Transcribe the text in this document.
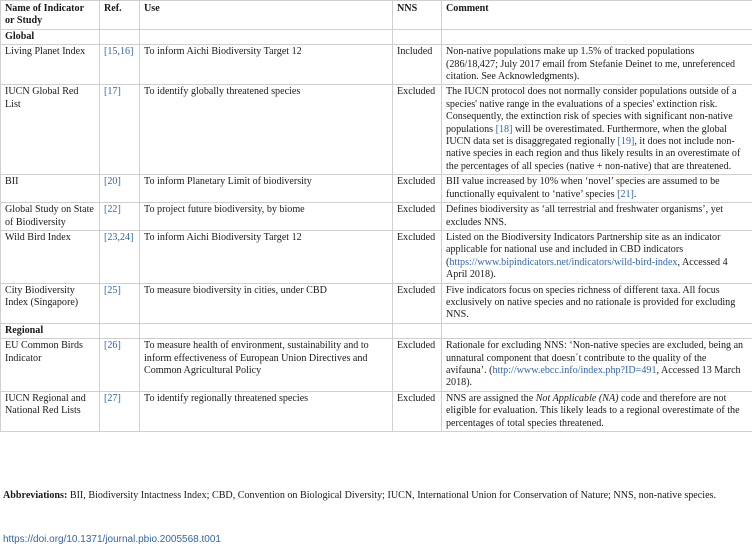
Name of Indicator or Study	Ref.	Use	NNS	Comment
Global				
Living Planet Index	[15,16]	To inform Aichi Biodiversity Target 12	Included	Non-native populations make up 1.5% of tracked populations (286/18,427; July 2017 email from Stefanie Deinet to me, unreferenced citation. See Acknowledgments).
IUCN Global Red List	[17]	To identify globally threatened species	Excluded	The IUCN protocol does not normally consider populations outside of a species' native range in the evaluations of a species' extinction risk. Consequently, the extinction risk of species with significant non-native populations [18] will be overestimated. Furthermore, when the global IUCN data set is disaggregated regionally [19], it does not include non-native species in each region and thus likely results in an overestimate of the percentages of all species (native + non-native) that are threatened.
BII	[20]	To inform Planetary Limit of biodiversity	Excluded	BII value increased by 10% when ‘novel’ species are assumed to be functionally equivalent to ‘native’ species [21].
Global Study on State of Biodiversity	[22]	To project future biodiversity, by biome	Excluded	Defines biodiversity as ‘all terrestrial and freshwater organisms’, yet excludes NNS.
Wild Bird Index	[23,24]	To inform Aichi Biodiversity Target 12	Excluded	Listed on the Biodiversity Indicators Partnership site as an indicator applicable for national use and included in CBD indicators (https://www.bipindicators.net/indicators/wild-bird-index, Accessed 4 April 2018).
City Biodiversity Index (Singapore)	[25]	To measure biodiversity in cities, under CBD	Excluded	Five indicators focus on species richness of different taxa. All focus exclusively on native species and no rationale is provided for excluding NNS.
Regional				
EU Common Birds Indicator	[26]	To measure health of environment, sustainability and to inform effectiveness of European Union Directives and Common Agricultural Policy	Excluded	Rationale for excluding NNS: ‘Non-native species are excluded, being an unnatural component that doesn´t contribute to the quality of the avifauna’. (http://www.ebcc.info/index.php?ID=491, Accessed 13 March 2018).
IUCN Regional and National Red Lists	[27]	To identify regionally threatened species	Excluded	NNS are assigned the Not Applicable (NA) code and therefore are not eligible for evaluation. This likely leads to a regional overestimate of the percentages of total species threatened.
Abbreviations: BII, Biodiversity Intactness Index; CBD, Convention on Biological Diversity; IUCN, International Union for Conservation of Nature; NNS, non-native species.
https://doi.org/10.1371/journal.pbio.2005568.t001
